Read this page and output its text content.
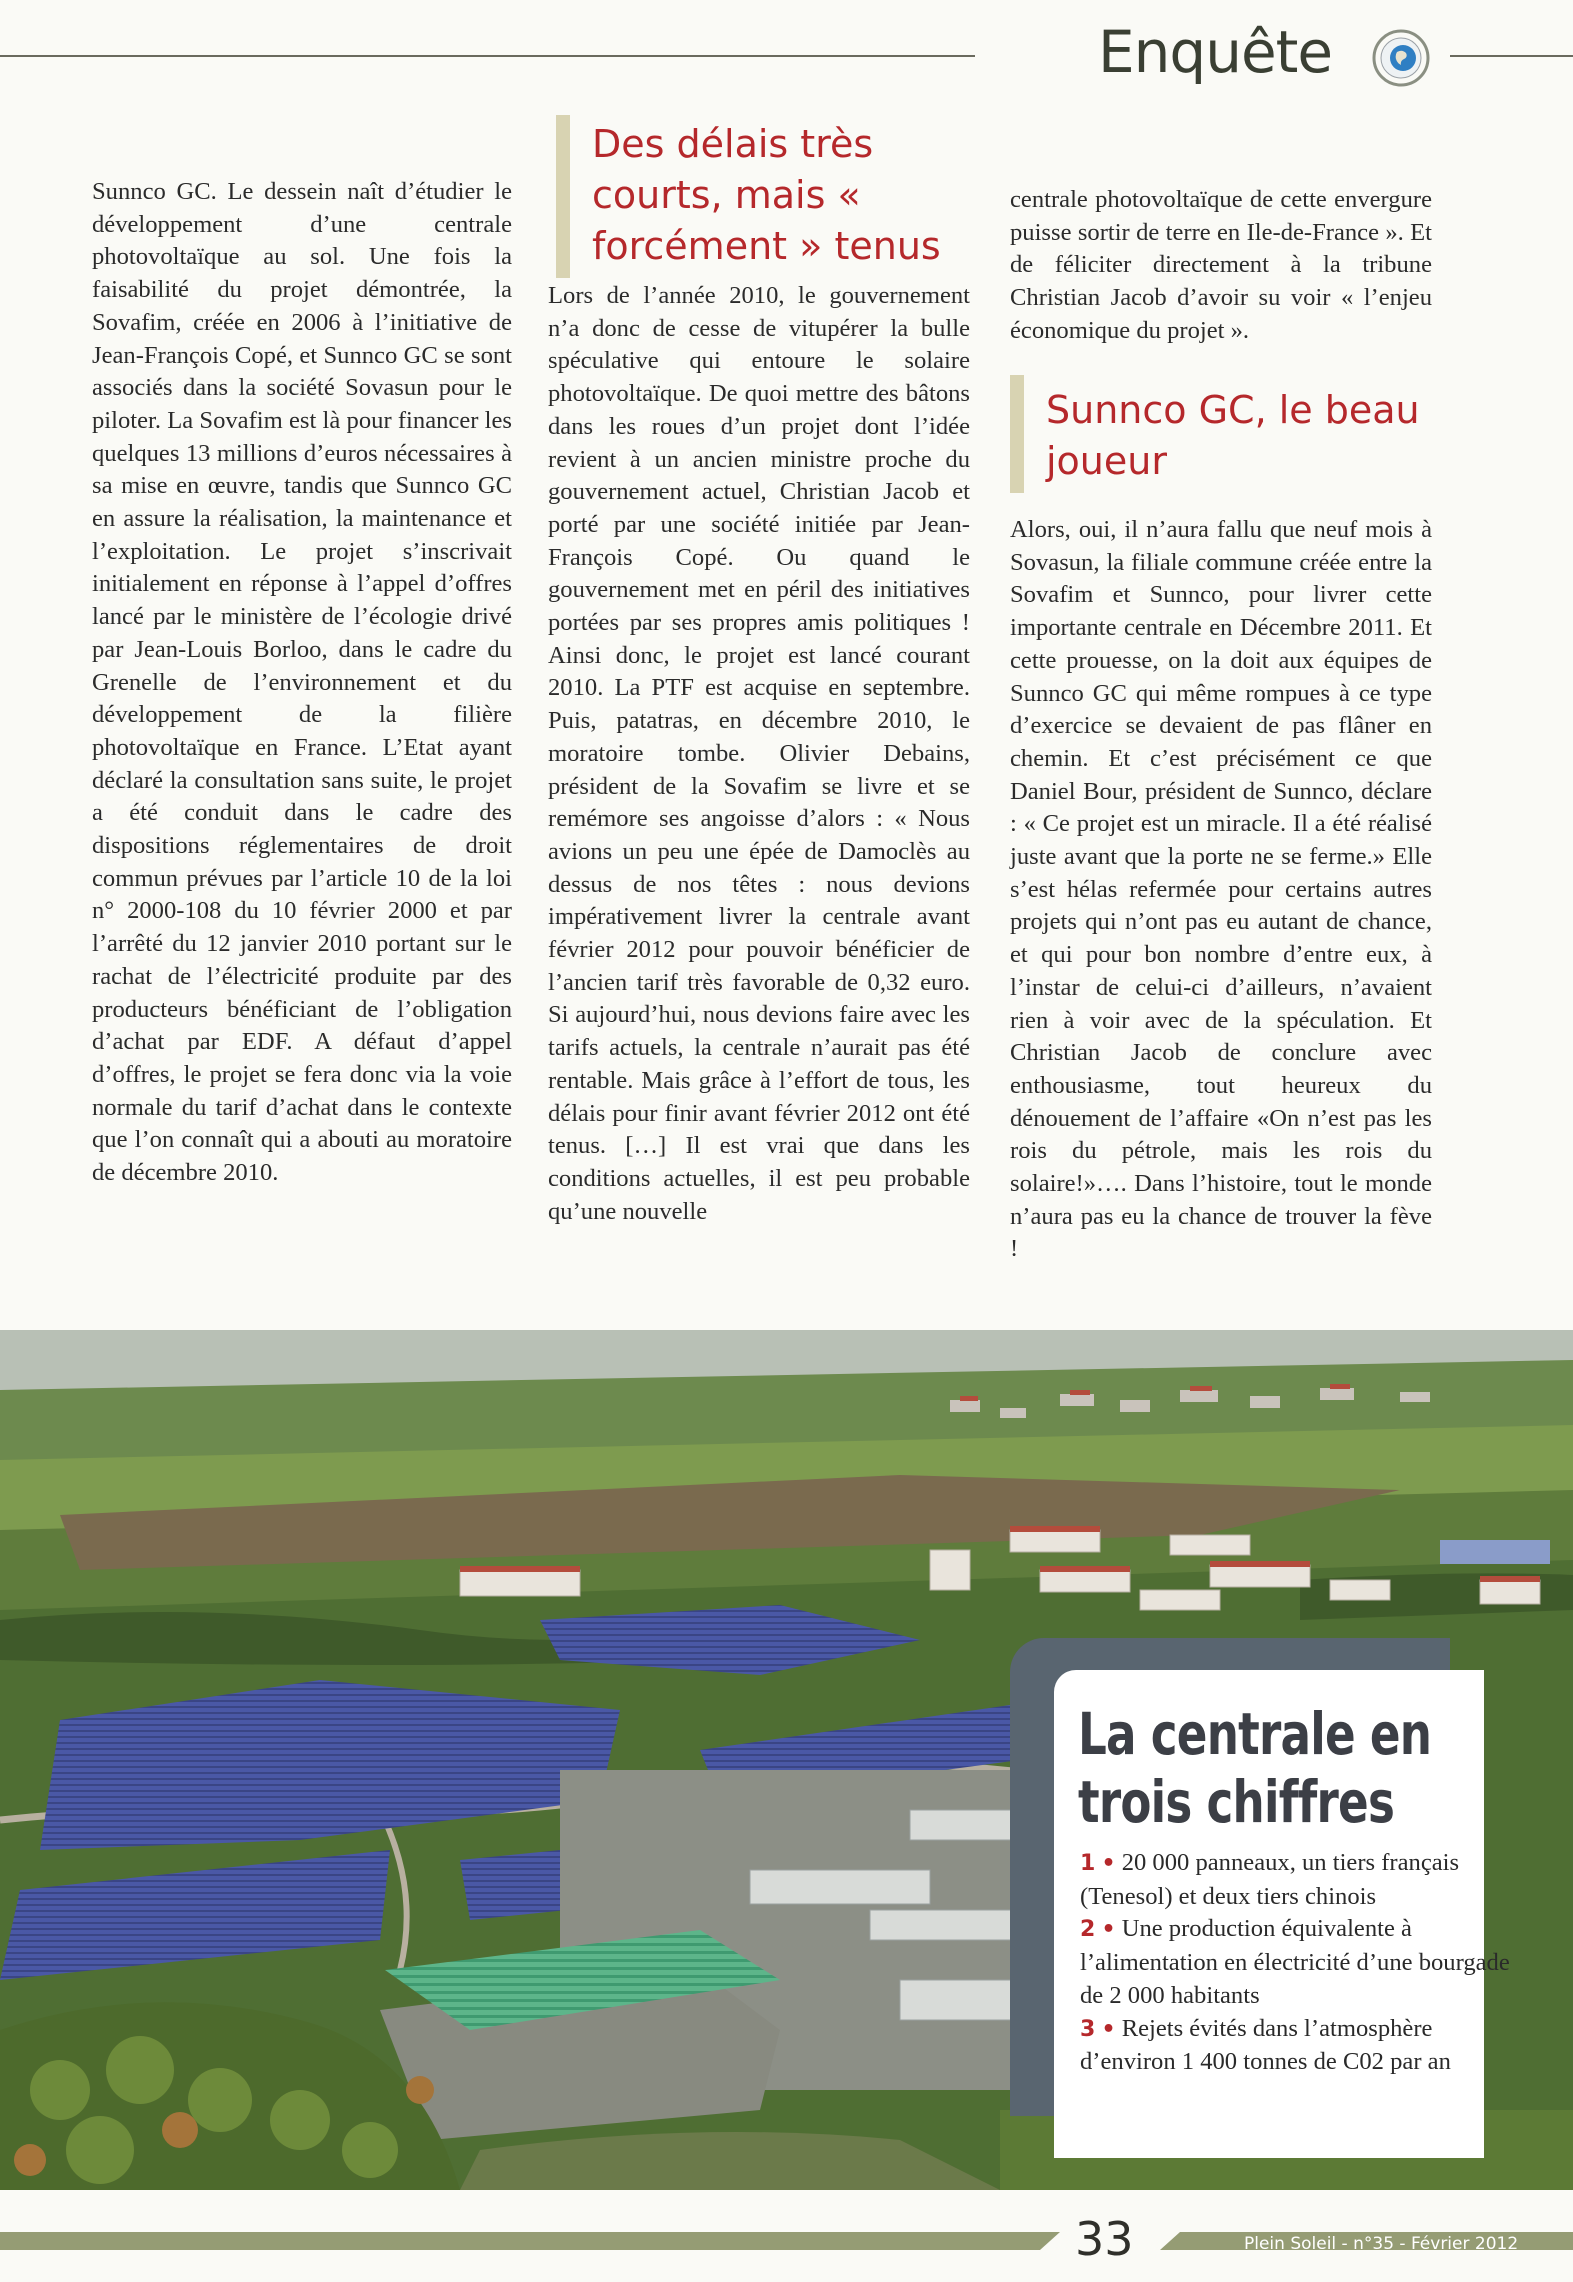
Enquête

Sunnco GC. Le dessein naît d’étudier le développement d’une centrale photovoltaïque au sol. Une fois la faisabilité du projet démontrée, la Sovafim, créée en 2006 à l’initiative de Jean-François Copé, et Sunnco GC se sont associés dans la société Sovasun pour le piloter. La Sovafim est là pour financer les quelques 13 millions d’euros nécessaires à sa mise en œuvre, tandis que Sunnco GC en assure la réalisation, la maintenance et l’exploitation. Le projet s’inscrivait initialement en réponse à l’appel d’offres lancé par le ministère de l’écologie drivé par Jean-Louis Borloo, dans le cadre du Grenelle de l’environnement et du développement de la filière photovoltaïque en France. L’Etat ayant déclaré la consultation sans suite, le projet a été conduit dans le cadre des dispositions réglementaires de droit commun prévues par l’article 10 de la loi n° 2000-108 du 10 février 2000 et par l’arrêté du 12 janvier 2010 portant sur le rachat de l’électricité produite par des producteurs bénéficiant de l’obligation d’achat par EDF. A défaut d’appel d’offres, le projet se fera donc via la voie normale du tarif d’achat dans le contexte que l’on connaît qui a abouti au moratoire de décembre 2010.

Des délais très courts, mais « forcément » tenus

Lors de l’année 2010, le gouvernement n’a donc de cesse de vitupérer la bulle spéculative qui entoure le solaire photovoltaïque. De quoi mettre des bâtons dans les roues d’un projet dont l’idée revient à un ancien ministre proche du gouvernement actuel, Christian Jacob et porté par une société initiée par Jean-François Copé. Ou quand le gouvernement met en péril des initiatives portées par ses propres amis politiques ! Ainsi donc, le projet est lancé courant 2010. La PTF est acquise en septembre. Puis, patatras, en décembre 2010, le moratoire tombe. Olivier Debains, président de la Sovafim se livre et se remémore ses angoisse d’alors : « Nous avions un peu une épée de Damoclès au dessus de nos têtes : nous devions impérativement livrer la centrale avant février 2012 pour pouvoir bénéficier de l’ancien tarif très favorable de 0,32 euro. Si aujourd’hui, nous devions faire avec les tarifs actuels, la centrale n’aurait pas été rentable. Mais grâce à l’effort de tous, les délais pour finir avant février 2012 ont été tenus. […] Il est vrai que dans les conditions actuelles, il est peu probable qu’une nouvelle

centrale photovoltaïque de cette envergure puisse sortir de terre en Ile-de-France ». Et de féliciter directement à la tribune Christian Jacob d’avoir su voir « l’enjeu économique du projet ».

Sunnco GC, le beau joueur

Alors, oui, il n’aura fallu que neuf mois à Sovasun, la filiale commune créée entre la Sovafim et Sunnco, pour livrer cette importante centrale en Décembre 2011. Et cette prouesse, on la doit aux équipes de Sunnco GC qui même rompues à ce type d’exercice se devaient de pas flâner en chemin. Et c’est précisément ce que Daniel Bour, président de Sunnco, déclare : « Ce projet est un miracle. Il a été réalisé juste avant que la porte ne se ferme.» Elle s’est hélas refermée pour certains autres projets qui n’ont pas eu autant de chance, et qui pour bon nombre d’entre eux, à l’instar de celui-ci d’ailleurs, n’avaient rien à voir avec de la spéculation. Et Christian Jacob de conclure avec enthousiasme, tout heureux du dénouement de l’affaire «On n’est pas les rois du pétrole, mais les rois du solaire!»…. Dans l’histoire, tout le monde n’aura pas eu la chance de trouver la fève !

La centrale en
trois chiffres
1 • 20 000 panneaux, un tiers français (Tenesol) et deux tiers chinois
2 • Une production équivalente à l’alimentation en électricité d’une bourgade de 2 000 habitants
3 • Rejets évités dans l’atmosphère d’environ 1 400 tonnes de C02 par an
33	Plein Soleil - n°35 - Février 2012
